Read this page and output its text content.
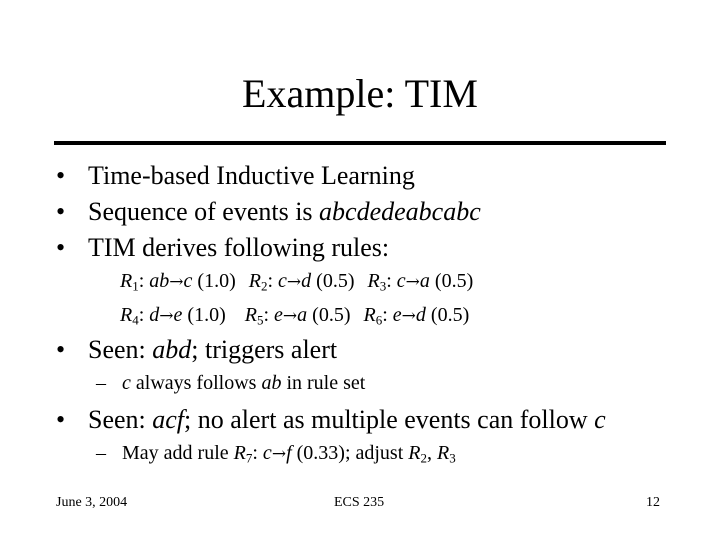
Example: TIM
• Time-based Inductive Learning
• Sequence of events is abcdedeabcabc
• TIM derives following rules:
$R_1$: ab→c (1.0) $R_2$: c→d (0.5) $R_3$: c→a (0.5)
$R_4$: d→e (1.0) $R_5$: e→a (0.5) $R_6$: e→d (0.5)
• Seen: abd; triggers alert
– c always follows ab in rule set
• Seen: acf; no alert as multiple events can follow c
– May add rule $R_7$: c→f (0.33); adjust $R_2$, $R_3$
June 3, 2004	ECS 235	12
